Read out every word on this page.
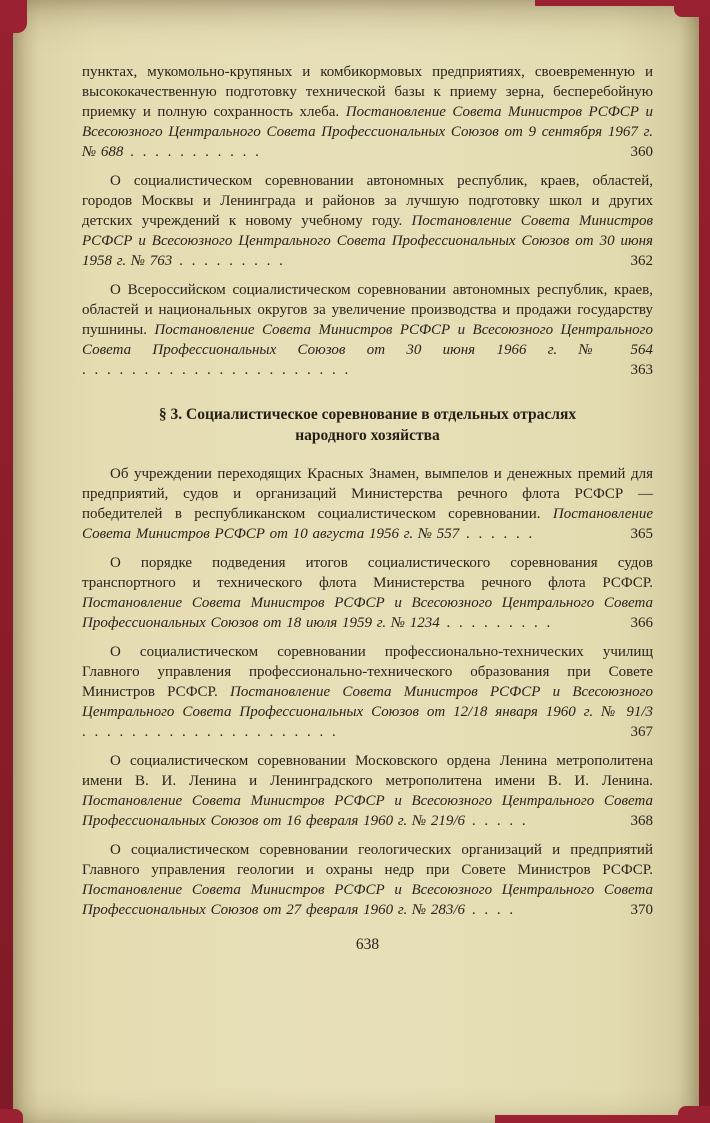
пунктах, мукомольно-крупяных и комбикормовых предприятиях, своевременную и высококачественную подготовку технической базы к приему зерна, бесперебойную приемку и полную сохранность хлеба. Постановление Совета Министров РСФСР и Всесоюзного Центрального Совета Профессиональных Союзов от 9 сентября 1967 г. № 688 . . . . . . . . . . .	360

О социалистическом соревновании автономных республик, краев, областей, городов Москвы и Ленинграда и районов за лучшую подготовку школ и других детских учреждений к новому учебному году. Постановление Совета Министров РСФСР и Всесоюзного Центрального Совета Профессиональных Союзов от 30 июня 1958 г. № 763 . . . . . . . . .	362

О Всероссийском социалистическом соревновании автономных республик, краев, областей и национальных округов за увеличение производства и продажи государству пушнины. Постановление Совета Министров РСФСР и Всесоюзного Центрального Совета Профессиональных Союзов от 30 июня 1966 г. № 564 . . . . . . . . . . . . . . . . . . . . . .	363

§ 3. Социалистическое соревнование в отдельных отраслях народного хозяйства

Об учреждении переходящих Красных Знамен, вымпелов и денежных премий для предприятий, судов и организаций Министерства речного флота РСФСР — победителей в республиканском социалистическом соревновании. Постановление Совета Министров РСФСР от 10 августа 1956 г. № 557 . . . . . .	365

О порядке подведения итогов социалистического соревнования судов транспортного и технического флота Министерства речного флота РСФСР. Постановление Совета Министров РСФСР и Всесоюзного Центрального Совета Профессиональных Союзов от 18 июля 1959 г. № 1234 . . . . . . . . .	366

О социалистическом соревновании профессионально-технических училищ Главного управления профессионально-технического образования при Совете Министров РСФСР. Постановление Совета Министров РСФСР и Всесоюзного Центрального Совета Профессиональных Союзов от 12/18 января 1960 г. № 91/3 . . . . . . . . . . . . . . . . . . . . .	367

О социалистическом соревновании Московского ордена Ленина метрополитена имени В. И. Ленина и Ленинградского метрополитена имени В. И. Ленина. Постановление Совета Министров РСФСР и Всесоюзного Центрального Совета Профессиональных Союзов от 16 февраля 1960 г. № 219/6 . . . . .	368

О социалистическом соревновании геологических организаций и предприятий Главного управления геологии и охраны недр при Совете Министров РСФСР. Постановление Совета Министров РСФСР и Всесоюзного Центрального Совета Профессиональных Союзов от 27 февраля 1960 г. № 283/6 . . . .	370

638
